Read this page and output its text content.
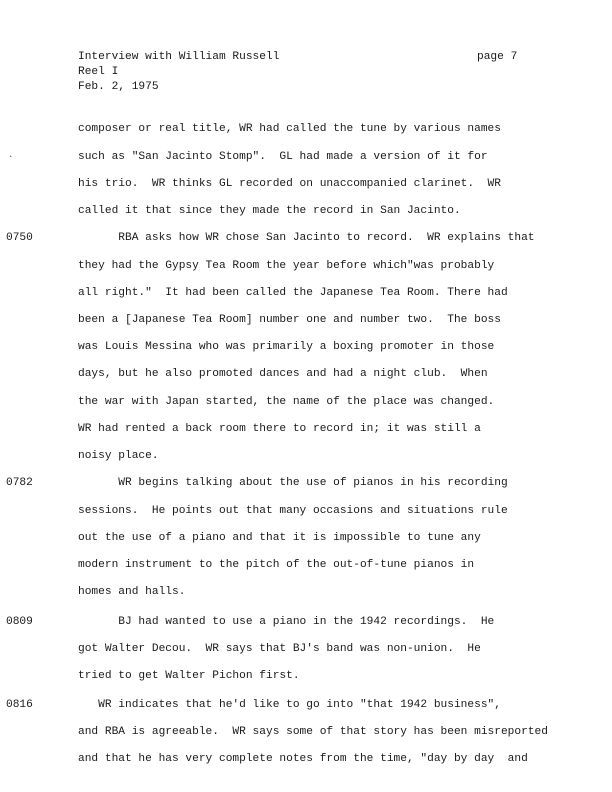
Interview with William Russell
Reel I
Feb. 2, 1975
page 7
·
0750
0782
0809
0816
composer or real title, WR had called the tune by various names
such as "San Jacinto Stomp".  GL had made a version of it for
his trio.  WR thinks GL recorded on unaccompanied clarinet.  WR
called it that since they made the record in San Jacinto.
RBA asks how WR chose San Jacinto to record.  WR explains that
they had the Gypsy Tea Room the year before which"was probably
all right."  It had been called the Japanese Tea Room. There had
been a [Japanese Tea Room] number one and number two.  The boss
was Louis Messina who was primarily a boxing promoter in those
days, but he also promoted dances and had a night club.  When
the war with Japan started, the name of the place was changed.
WR had rented a back room there to record in; it was still a
noisy place.
WR begins talking about the use of pianos in his recording
sessions.  He points out that many occasions and situations rule
out the use of a piano and that it is impossible to tune any
modern instrument to the pitch of the out-of-tune pianos in
homes and halls.
BJ had wanted to use a piano in the 1942 recordings.  He
got Walter Decou.  WR says that BJ's band was non-union.  He
tried to get Walter Pichon first.
WR indicates that he'd like to go into "that 1942 business",
and RBA is agreeable.  WR says some of that story has been misreported
and that he has very complete notes from the time, "day by day  and
